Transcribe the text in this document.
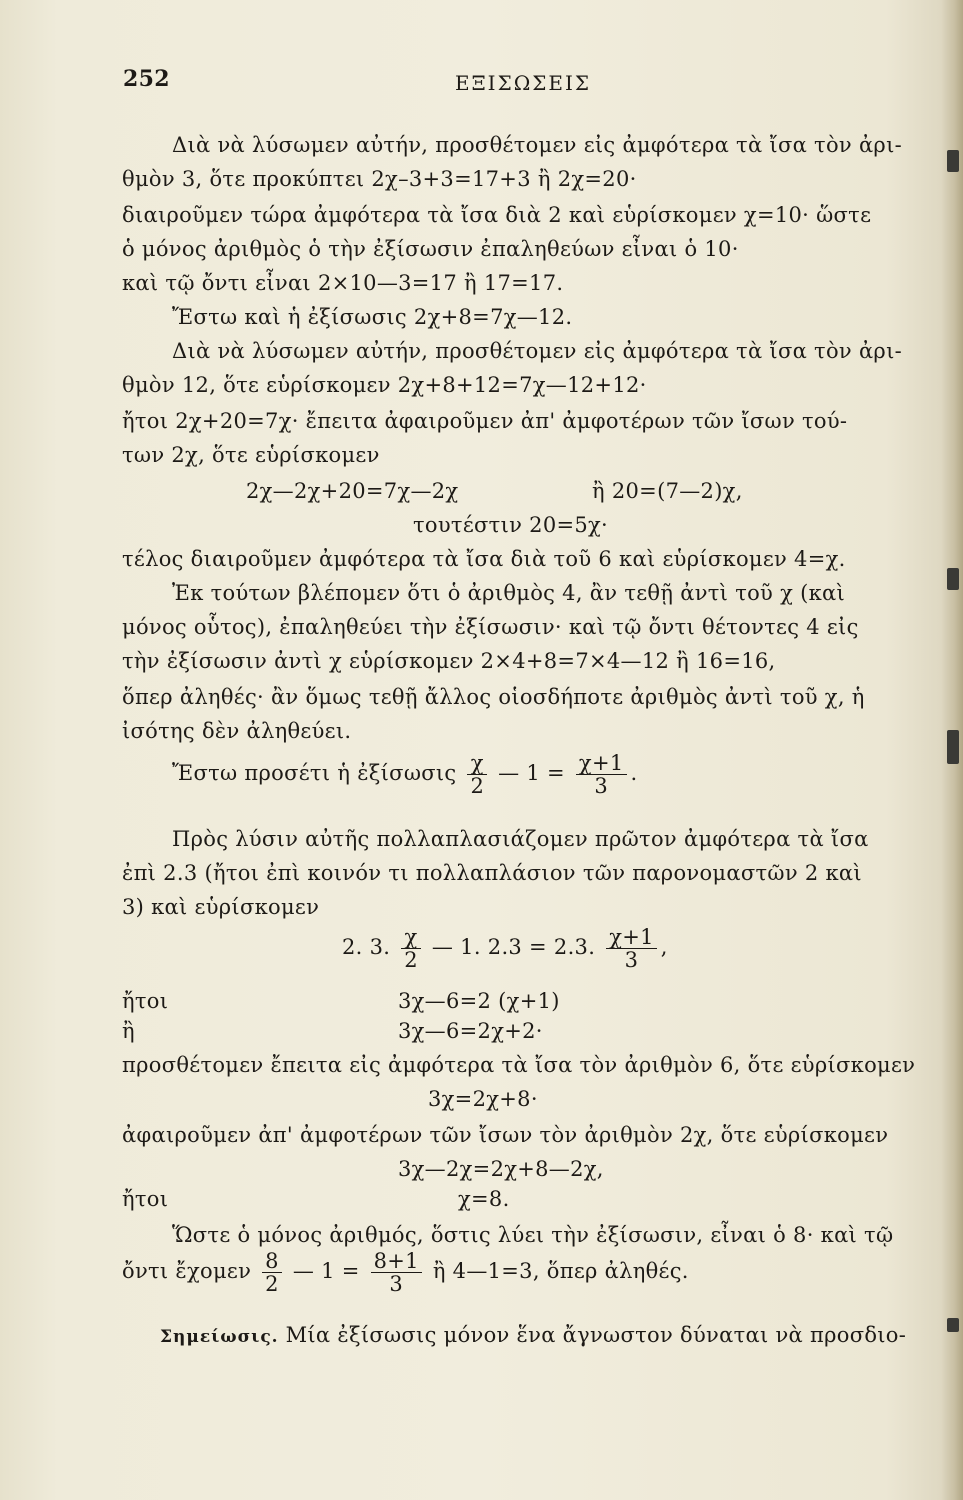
252	ΕΞΙΣΩΣΕΙΣ
Διὰ νὰ λύσωμεν αὐτήν, προσθέτομεν εἰς ἀμφότερα τὰ ἴσα τὸν ἀρι-
θμὸν 3, ὅτε προκύπτει 2χ–3+3=17+3 ἢ 2χ=20·
διαιροῦμεν τώρα ἀμφότερα τὰ ἴσα διὰ 2 καὶ εὑρίσκομεν χ=10· ὥστε
ὁ μόνος ἀριθμὸς ὁ τὴν ἐξίσωσιν ἐπαληθεύων εἶναι ὁ 10·
καὶ τῷ ὄντι εἶναι 2×10—3=17 ἢ 17=17.
Ἔστω καὶ ἡ ἐξίσωσις 2χ+8=7χ—12.
Διὰ νὰ λύσωμεν αὐτήν, προσθέτομεν εἰς ἀμφότερα τὰ ἴσα τὸν ἀρι-
θμὸν 12, ὅτε εὑρίσκομεν 2χ+8+12=7χ—12+12·
ἤτοι 2χ+20=7χ· ἔπειτα ἀφαιροῦμεν ἀπ' ἀμφοτέρων τῶν ἴσων τού-
των 2χ, ὅτε εὑρίσκομεν
2χ—2χ+20=7χ—2χ	ἢ 20=(7—2)χ,
τουτέστιν 20=5χ·
τέλος διαιροῦμεν ἀμφότερα τὰ ἴσα διὰ τοῦ 6 καὶ εὑρίσκομεν 4=χ.
Ἐκ τούτων βλέπομεν ὅτι ὁ ἀριθμὸς 4, ἂν τεθῇ ἀντὶ τοῦ χ (καὶ
μόνος οὗτος), ἐπαληθεύει τὴν ἐξίσωσιν· καὶ τῷ ὄντι θέτοντες 4 εἰς
τὴν ἐξίσωσιν ἀντὶ χ εὑρίσκομεν 2×4+8=7×4—12 ἢ 16=16,
ὅπερ ἀληθές· ἂν ὅμως τεθῇ ἄλλος οἱοσδήποτε ἀριθμὸς ἀντὶ τοῦ χ, ἡ
ἰσότης δὲν ἀληθεύει.
Ἔστω προσέτι ἡ ἐξίσωσις $\frac{\chi}{2}$ — $1 = \frac{\chi+1}{3}$ .
Πρὸς λύσιν αὐτῆς πολλαπλασιάζομεν πρῶτον ἀμφότερα τὰ ἴσα
ἐπὶ 2.3 (ἤτοι ἐπὶ κοινόν τι πολλαπλάσιον τῶν παρονομαστῶν 2 καὶ
3) καὶ εὑρίσκομεν
2. 3. $\frac{\chi}{2}$ — 1. 2.3 = 2.3. $\frac{\chi+1}{3}$ ,
ἤτοι	3χ—6=2 (χ+1)
ἢ	3χ—6=2χ+2·
προσθέτομεν ἔπειτα εἰς ἀμφότερα τὰ ἴσα τὸν ἀριθμὸν 6, ὅτε εὑρίσκομεν
3χ=2χ+8·
ἀφαιροῦμεν ἀπ' ἀμφοτέρων τῶν ἴσων τὸν ἀριθμὸν 2χ, ὅτε εὑρίσκομεν
3χ—2χ=2χ+8—2χ,
ἤτοι	χ=8.
Ὥστε ὁ μόνος ἀριθμός, ὅστις λύει τὴν ἐξίσωσιν, εἶναι ὁ 8· καὶ τῷ
ὄντι ἔχομεν $\frac{8}{2}$ — $1 = \frac{8+1}{3}$ ἢ 4—1=3, ὅπερ ἀληθές.
Σημείωσις. Μία ἐξίσωσις μόνον ἕνα ἄγνωστον δύναται νὰ προσδιο-
